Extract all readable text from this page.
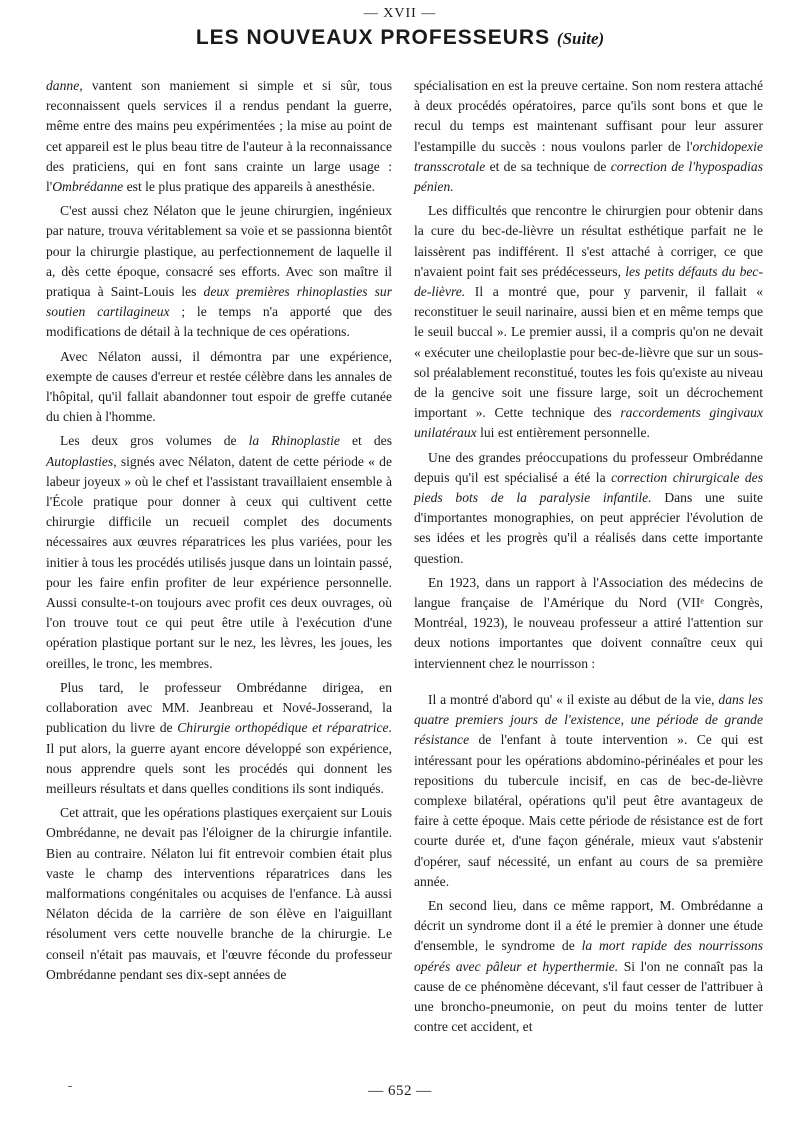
— XVII —
LES NOUVEAUX PROFESSEURS (Suite)

danne, vantent son maniement si simple et si sûr, tous reconnaissent quels services il a rendus pendant la guerre, même entre des mains peu expérimentées ; la mise au point de cet appareil est le plus beau titre de l'auteur à la reconnaissance des praticiens, qui en font sans crainte un large usage : l'Ombrédanne est le plus pratique des appareils à anesthésie.

C'est aussi chez Nélaton que le jeune chirurgien, ingénieux par nature, trouva véritablement sa voie et se passionna bientôt pour la chirurgie plastique, au perfectionnement de laquelle il a, dès cette époque, consacré ses efforts. Avec son maître il pratiqua à Saint-Louis les deux premières rhinoplasties sur soutien cartilagineux ; le temps n'a apporté que des modifications de détail à la technique de ces opérations.

Avec Nélaton aussi, il démontra par une expérience, exempte de causes d'erreur et restée célèbre dans les annales de l'hôpital, qu'il fallait abandonner tout espoir de greffe cutanée du chien à l'homme.

Les deux gros volumes de la Rhinoplastie et des Autoplasties, signés avec Nélaton, datent de cette période « de labeur joyeux » où le chef et l'assistant travaillaient ensemble à l'École pratique pour donner à ceux qui cultivent cette chirurgie difficile un recueil complet des documents nécessaires aux œuvres réparatrices les plus variées, pour les initier à tous les procédés utilisés jusque dans un lointain passé, pour les faire enfin profiter de leur expérience personnelle. Aussi consulte-t-on toujours avec profit ces deux ouvrages, où l'on trouve tout ce qui peut être utile à l'exécution d'une opération plastique portant sur le nez, les lèvres, les joues, les oreilles, le tronc, les membres.

Plus tard, le professeur Ombrédanne dirigea, en collaboration avec MM. Jeanbreau et Nové-Josserand, la publication du livre de Chirurgie orthopédique et réparatrice. Il put alors, la guerre ayant encore développé son expérience, nous apprendre quels sont les procédés qui donnent les meilleurs résultats et dans quelles conditions ils sont indiqués.

Cet attrait, que les opérations plastiques exerçaient sur Louis Ombrédanne, ne devait pas l'éloigner de la chirurgie infantile. Bien au contraire. Nélaton lui fit entrevoir combien était plus vaste le champ des interventions réparatrices dans les malformations congénitales ou acquises de l'enfance. Là aussi Nélaton décida de la carrière de son élève en l'aiguillant résolument vers cette nouvelle branche de la chirurgie. Le conseil n'était pas mauvais, et l'œuvre féconde du professeur Ombrédanne pendant ses dix-sept années de

spécialisation en est la preuve certaine. Son nom restera attaché à deux procédés opératoires, parce qu'ils sont bons et que le recul du temps est maintenant suffisant pour leur assurer l'estampille du succès : nous voulons parler de l'orchidopexie transscrotale et de sa technique de correction de l'hypospadias pénien.

Les difficultés que rencontre le chirurgien pour obtenir dans la cure du bec-de-lièvre un résultat esthétique parfait ne le laissèrent pas indifférent. Il s'est attaché à corriger, ce que n'avaient point fait ses prédécesseurs, les petits défauts du bec-de-lièvre. Il a montré que, pour y parvenir, il fallait « reconstituer le seuil narinaire, aussi bien et en même temps que le seuil buccal ». Le premier aussi, il a compris qu'on ne devait « exécuter une cheiloplastie pour bec-de-lièvre que sur un sous-sol préalablement reconstitué, toutes les fois qu'existe au niveau de la gencive soit une fissure large, soit un décrochement important ». Cette technique des raccordements gingivaux unilatéraux lui est entièrement personnelle.

Une des grandes préoccupations du professeur Ombrédanne depuis qu'il est spécialisé a été la correction chirurgicale des pieds bots de la paralysie infantile. Dans une suite d'importantes monographies, on peut apprécier l'évolution de ses idées et les progrès qu'il a réalisés dans cette importante question.

En 1923, dans un rapport à l'Association des médecins de langue française de l'Amérique du Nord (VIIᵉ Congrès, Montréal, 1923), le nouveau professeur a attiré l'attention sur deux notions importantes que doivent connaître ceux qui interviennent chez le nourrisson :

Il a montré d'abord qu' « il existe au début de la vie, dans les quatre premiers jours de l'existence, une période de grande résistance de l'enfant à toute intervention ». Ce qui est intéressant pour les opérations abdomino-périnéales et pour les repositions du tubercule incisif, en cas de bec-de-lièvre complexe bilatéral, opérations qu'il peut être avantageux de faire à cette époque. Mais cette période de résistance est de fort courte durée et, d'une façon générale, mieux vaut s'abstenir d'opérer, sauf nécessité, un enfant au cours de sa première année.

En second lieu, dans ce même rapport, M. Ombrédanne a décrit un syndrome dont il a été le premier à donner une étude d'ensemble, le syndrome de la mort rapide des nourrissons opérés avec pâleur et hyperthermie. Si l'on ne connaît pas la cause de ce phénomène décevant, s'il faut cesser de l'attribuer à une broncho-pneumonie, on peut du moins tenter de lutter contre cet accident, et

— 652 —
